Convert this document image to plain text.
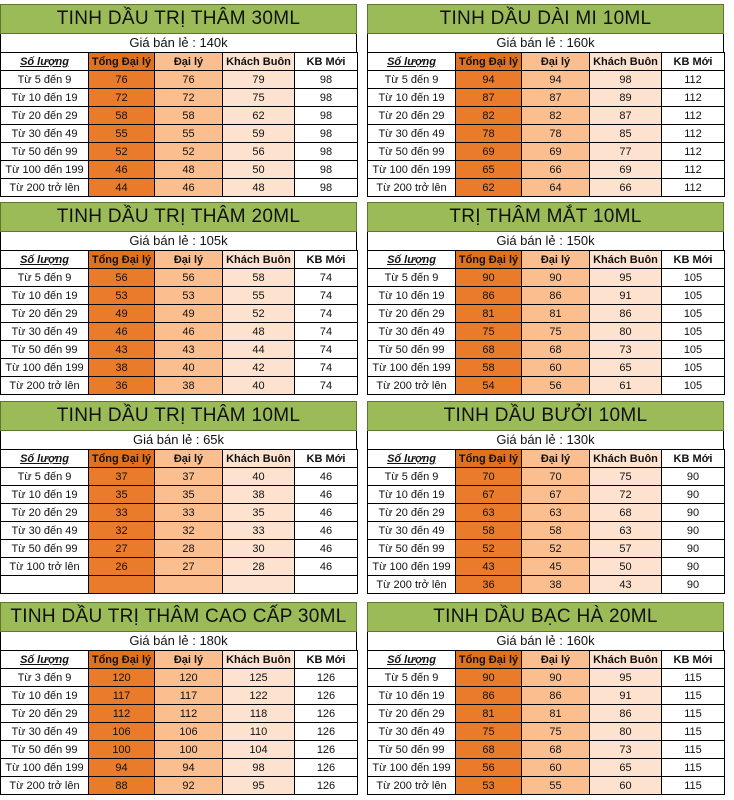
TINH DẦU TRỊ THÂM 30ML
Giá bán lẻ : 140k
Số lượng	Tổng Đại lý	Đại lý	Khách Buôn	KB Mới
Từ 5 đến 9	76	76	79	98
Từ 10 đến 19	72	72	75	98
Từ 20 đến 29	58	58	62	98
Từ 30 đến 49	55	55	59	98
Từ 50 đến 99	52	52	56	98
Từ 100 đến 199	46	48	50	98
Từ 200 trở lên	44	46	48	98
TINH DẦU DÀI MI 10ML
Giá bán lẻ : 160k
Số lượng	Tổng Đại lý	Đại lý	Khách Buôn	KB Mới
Từ 5 đến 9	94	94	98	112
Từ 10 đến 19	87	87	89	112
Từ 20 đến 29	82	82	87	112
Từ 30 đến 49	78	78	85	112
Từ 50 đến 99	69	69	77	112
Từ 100 đến 199	65	66	69	112
Từ 200 trở lên	62	64	66	112
TINH DẦU TRỊ THÂM 20ML
Giá bán lẻ : 105k
Số lượng	Tổng Đại lý	Đại lý	Khách Buôn	KB Mới
Từ 5 đến 9	56	56	58	74
Từ 10 đến 19	53	53	55	74
Từ 20 đến 29	49	49	52	74
Từ 30 đến 49	46	46	48	74
Từ 50 đến 99	43	43	44	74
Từ 100 đến 199	38	40	42	74
Từ 200 trở lên	36	38	40	74
TRỊ THÂM MẮT 10ML
Giá bán lẻ : 150k
Số lượng	Tổng Đại lý	Đại lý	Khách Buôn	KB Mới
Từ 5 đến 9	90	90	95	105
Từ 10 đến 19	86	86	91	105
Từ 20 đến 29	81	81	86	105
Từ 30 đến 49	75	75	80	105
Từ 50 đến 99	68	68	73	105
Từ 100 đến 199	58	60	65	105
Từ 200 trở lên	54	56	61	105
TINH DẦU TRỊ THÂM 10ML
Giá bán lẻ : 65k
Số lượng	Tổng Đại lý	Đại lý	Khách Buôn	KB Mới
Từ 5 đến 9	37	37	40	46
Từ 10 đến 19	35	35	38	46
Từ 20 đến 29	33	33	35	46
Từ 30 đến 49	32	32	33	46
Từ 50 đến 99	27	28	30	46
Từ 100 trở lên	26	27	28	46

TINH DẦU BƯỞI 10ML
Giá bán lẻ : 130k
Số lượng	Tổng Đại lý	Đại lý	Khách Buôn	KB Mới
Từ 5 đến 9	70	70	75	90
Từ 10 đến 19	67	67	72	90
Từ 20 đến 29	63	63	68	90
Từ 30 đến 49	58	58	63	90
Từ 50 đến 99	52	52	57	90
Từ 100 đến 199	43	45	50	90
Từ 200 trở lên	36	38	43	90
TINH DẦU TRỊ THÂM CAO CẤP 30ML
Giá bán lẻ : 180k
Số lượng	Tổng Đại lý	Đại lý	Khách Buôn	KB Mới
Từ 3 đến 9	120	120	125	126
Từ 10 đến 19	117	117	122	126
Từ 20 đến 29	112	112	118	126
Từ 30 đến 49	106	106	110	126
Từ 50 đến 99	100	100	104	126
Từ 100 đến 199	94	94	98	126
Từ 200 trở lên	88	92	95	126
TINH DẦU BẠC HÀ 20ML
Giá bán lẻ : 160k
Số lượng	Tổng Đại lý	Đại lý	Khách Buôn	KB Mới
Từ 5 đến 9	90	90	95	115
Từ 10 đến 19	86	86	91	115
Từ 20 đến 29	81	81	86	115
Từ 30 đến 49	75	75	80	115
Từ 50 đến 99	68	68	73	115
Từ 100 đến 199	56	60	65	115
Từ 200 trở lên	53	55	60	115
